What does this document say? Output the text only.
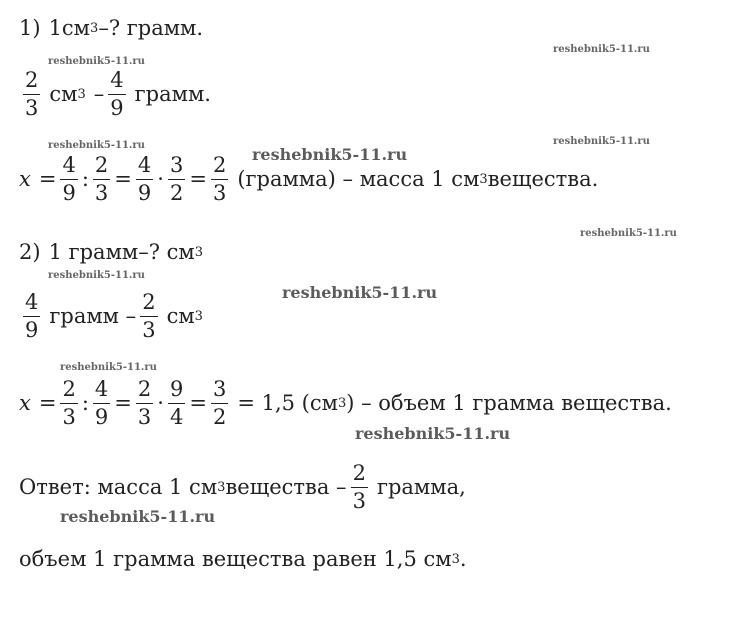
reshebnik5-11.ru
reshebnik5-11.ru
reshebnik5-11.ru	reshebnik5-11.ru
reshebnik5-11.ru
reshebnik5-11.ru
reshebnik5-11.ru
reshebnik5-11.ru
reshebnik5-11.ru
reshebnik5-11.ru
reshebnik5-11.ru
1) 1см 3 –? грамм.
$\frac{2}{3}$ см $3 - \frac{4}{9}$ грамм.
$x = \frac{4}{9}$ : $\frac{2}{3} = \frac{4}{9} \cdot \frac{3}{2} = \frac{2}{3}$ (грамма) – масса 1 см 3 вещества.
2) 1 грамм–? см 3
$\frac{4}{9}$ грамм – $\frac{2}{3}$ см 3
$x = \frac{2}{3}$ : $\frac{4}{9} = \frac{2}{3} \cdot \frac{9}{4} = \frac{3}{2} = 1,5$ (см 3 ) – объем 1 грамма вещества.
Ответ: масса 1 см 3 вещества – $\frac{2}{3}$ грамма,
объем 1 грамма вещества равен 1,5 см 3 .
